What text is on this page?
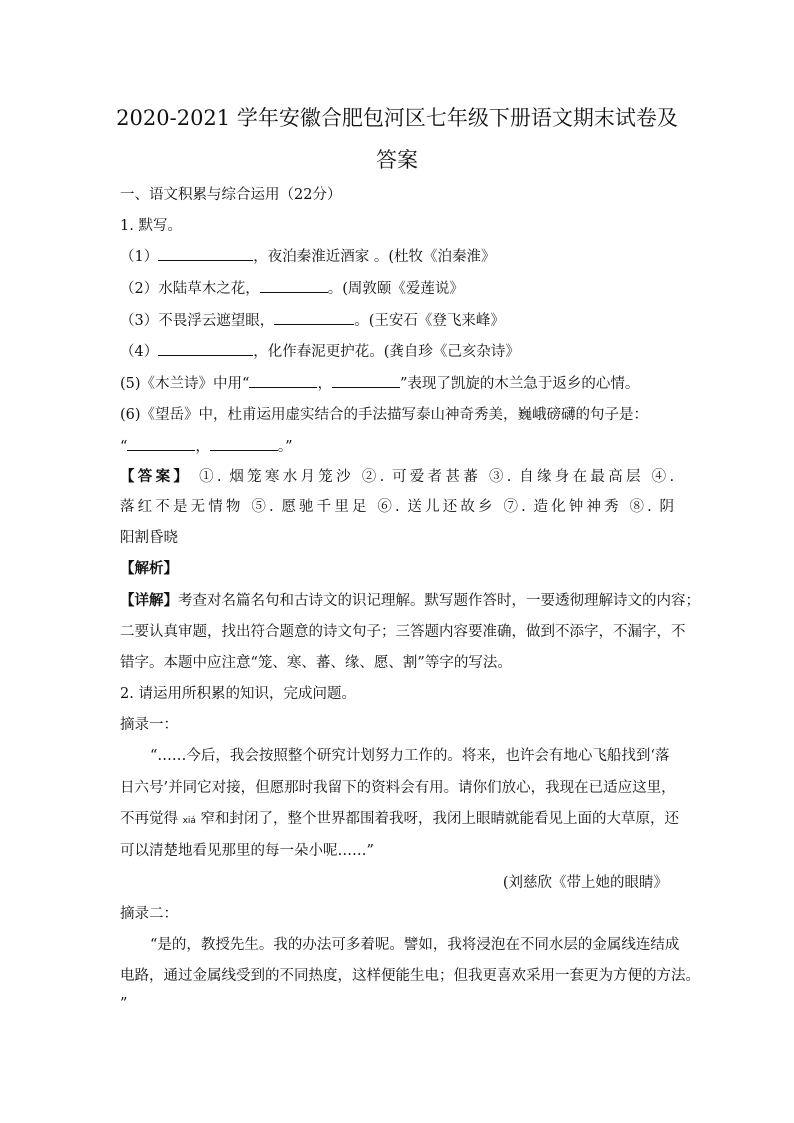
2020-2021 学年安徽合肥包河区七年级下册语文期末试卷及
答案
一、语文积累与综合运用（22分）
1. 默写。
（1）	，夜泊秦淮近酒家 。(杜牧《泊秦淮》
（2）水陆草木之花，	。(周敦颐《爱莲说》
（3）不畏浮云遮望眼，	。(王安石《登飞来峰》
（4）	，化作春泥更护花。(龚自珍《己亥杂诗》
(5)《木兰诗》中用“	，	”表现了凯旋的木兰急于返乡的心情。
(6)《望岳》中，杜甫运用虚实结合的手法描写泰山神奇秀美，巍峨磅礴的句子是：
“	，	。”
【答案】 ①. 烟笼寒水月笼沙 ②. 可爱者甚蕃 ③. 自缘身在最高层 ④.
落红不是无情物 ⑤. 愿驰千里足 ⑥. 送儿还故乡 ⑦. 造化钟神秀 ⑧. 阴
阳割昏晓
【解析】
【详解】考查对名篇名句和古诗文的识记理解。默写题作答时，一要透彻理解诗文的内容；
二要认真审题，找出符合题意的诗文句子；三答题内容要准确，做到不添字，不漏字，不
错字。本题中应注意“笼、寒、蕃、缘、愿、割”等字的写法。
2. 请运用所积累的知识，完成问题。
摘录一：
“……今后，我会按照整个研究计划努力工作的。将来，也许会有地心飞船找到‘落
日六号’并同它对接，但愿那时我留下的资料会有用。请你们放心，我现在已适应这里，
不再觉得 xiá 窄和封闭了，整个世界都围着我呀，我闭上眼睛就能看见上面的大草原，还
可以清楚地看见那里的每一朵小呢……”
(刘慈欣《带上她的眼睛》
摘录二：
“是的，教授先生。我的办法可多着呢。譬如，我将浸泡在不同水层的金属线连结成
电路，通过金属线受到的不同热度，这样便能生电；但我更喜欢采用一套更为方便的方法。
”
